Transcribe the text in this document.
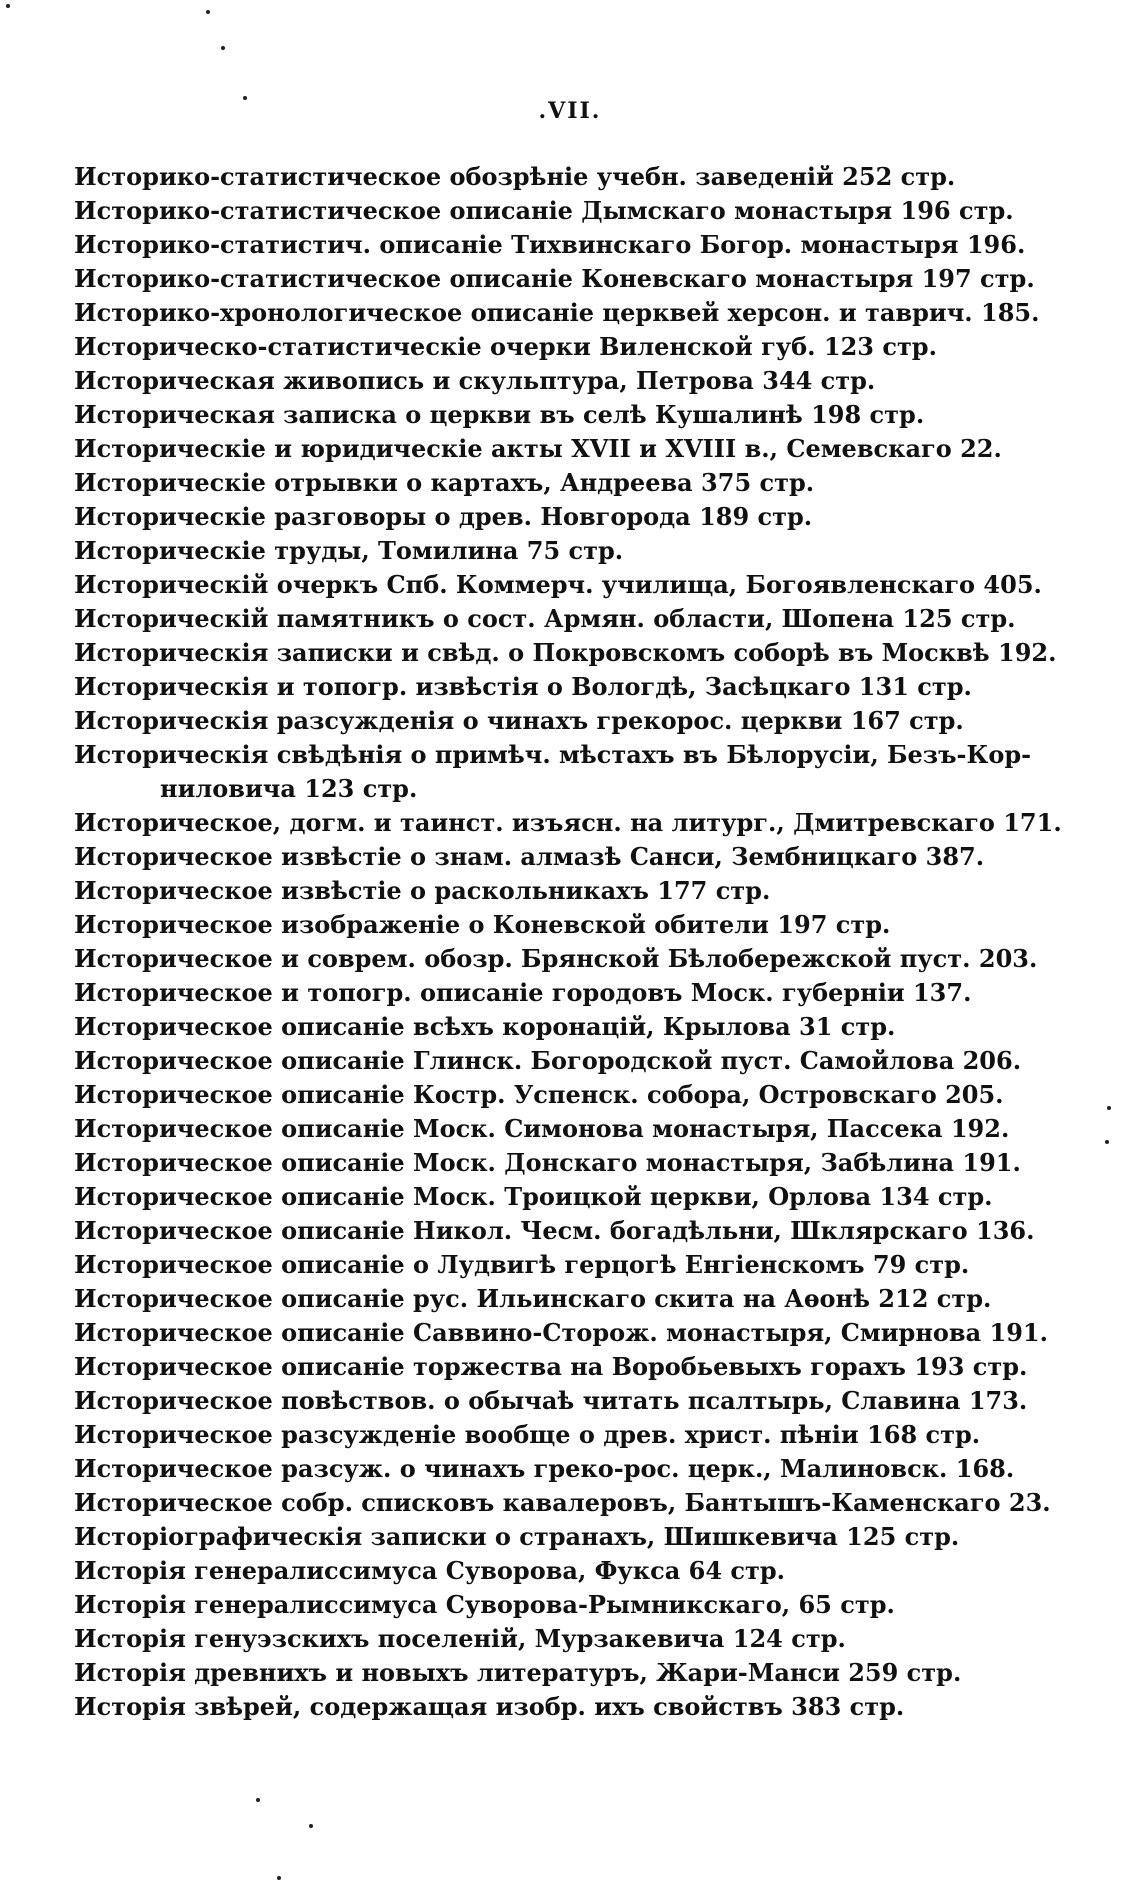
.VII.
Историко-статистическое обозрѣніе учебн. заведеній 252 стр.
Историко-статистическое описаніе Дымскаго монастыря 196 стр.
Историко-статистич. описаніе Тихвинскаго Богор. монастыря 196.
Историко-статистическое описаніе Коневскаго монастыря 197 стр.
Историко-хронологическое описаніе церквей херсон. и таврич. 185.
Историческо-статистическіе очерки Виленской губ. 123 стр.
Историческая живопись и скульптура, Петрова 344 стр.
Историческая записка о церкви въ селѣ Кушалинѣ 198 стр.
Историческіе и юридическіе акты XVII и XVIII в., Семевскаго 22.
Историческіе отрывки о картахъ, Андреева 375 стр.
Историческіе разговоры о древ. Новгорода 189 стр.
Историческіе труды, Томилина 75 стр.
Историческій очеркъ Спб. Коммерч. училища, Богоявленскаго 405.
Историческій памятникъ о сост. Армян. области, Шопена 125 стр.
Историческія записки и свѣд. о Покровскомъ соборѣ въ Москвѣ 192.
Историческія и топогр. извѣстія о Вологдѣ, Засѣцкаго 131 стр.
Историческія разсужденія о чинахъ грекорос. церкви 167 стр.
Историческія свѣдѣнія о примѣч. мѣстахъ въ Бѣлорусіи, Безъ-Кор-
ниловича 123 стр.
Историческое, догм. и таинст. изъясн. на литург., Дмитревскаго 171.
Историческое извѣстіе о знам. алмазѣ Санси, Зембницкаго 387.
Историческое извѣстіе о раскольникахъ 177 стр.
Историческое изображеніе о Коневской обители 197 стр.
Историческое и соврем. обозр. Брянской Бѣлобережской пуст. 203.
Историческое и топогр. описаніе городовъ Моск. губерніи 137.
Историческое описаніе всѣхъ коронацій, Крылова 31 стр.
Историческое описаніе Глинск. Богородской пуст. Самойлова 206.
Историческое описаніе Костр. Успенск. собора, Островскаго 205.
Историческое описаніе Моск. Симонова монастыря, Пассека 192.
Историческое описаніе Моск. Донскаго монастыря, Забѣлина 191.
Историческое описаніе Моск. Троицкой церкви, Орлова 134 стр.
Историческое описаніе Никол. Чесм. богадѣльни, Шклярскаго 136.
Историческое описаніе о Лудвигѣ герцогѣ Енгіенскомъ 79 стр.
Историческое описаніе рус. Ильинскаго скита на Аѳонѣ 212 стр.
Историческое описаніе Саввино-Сторож. монастыря, Смирнова 191.
Историческое описаніе торжества на Воробьевыхъ горахъ 193 стр.
Историческое повѣствов. о обычаѣ читать псалтырь, Славина 173.
Историческое разсужденіе вообще о древ. христ. пѣніи 168 стр.
Историческое разсуж. о чинахъ греко-рос. церк., Малиновск. 168.
Историческое собр. списковъ кавалеровъ, Бантышъ-Каменскаго 23.
Исторіографическія записки о странахъ, Шишкевича 125 стр.
Исторія генералиссимуса Суворова, Фукса 64 стр.
Исторія генералиссимуса Суворова-Рымникскаго, 65 стр.
Исторія генуэзскихъ поселеній, Мурзакевича 124 стр.
Исторія древнихъ и новыхъ литературъ, Жари-Манси 259 стр.
Исторія звѣрей, содержащая изобр. ихъ свойствъ 383 стр.
